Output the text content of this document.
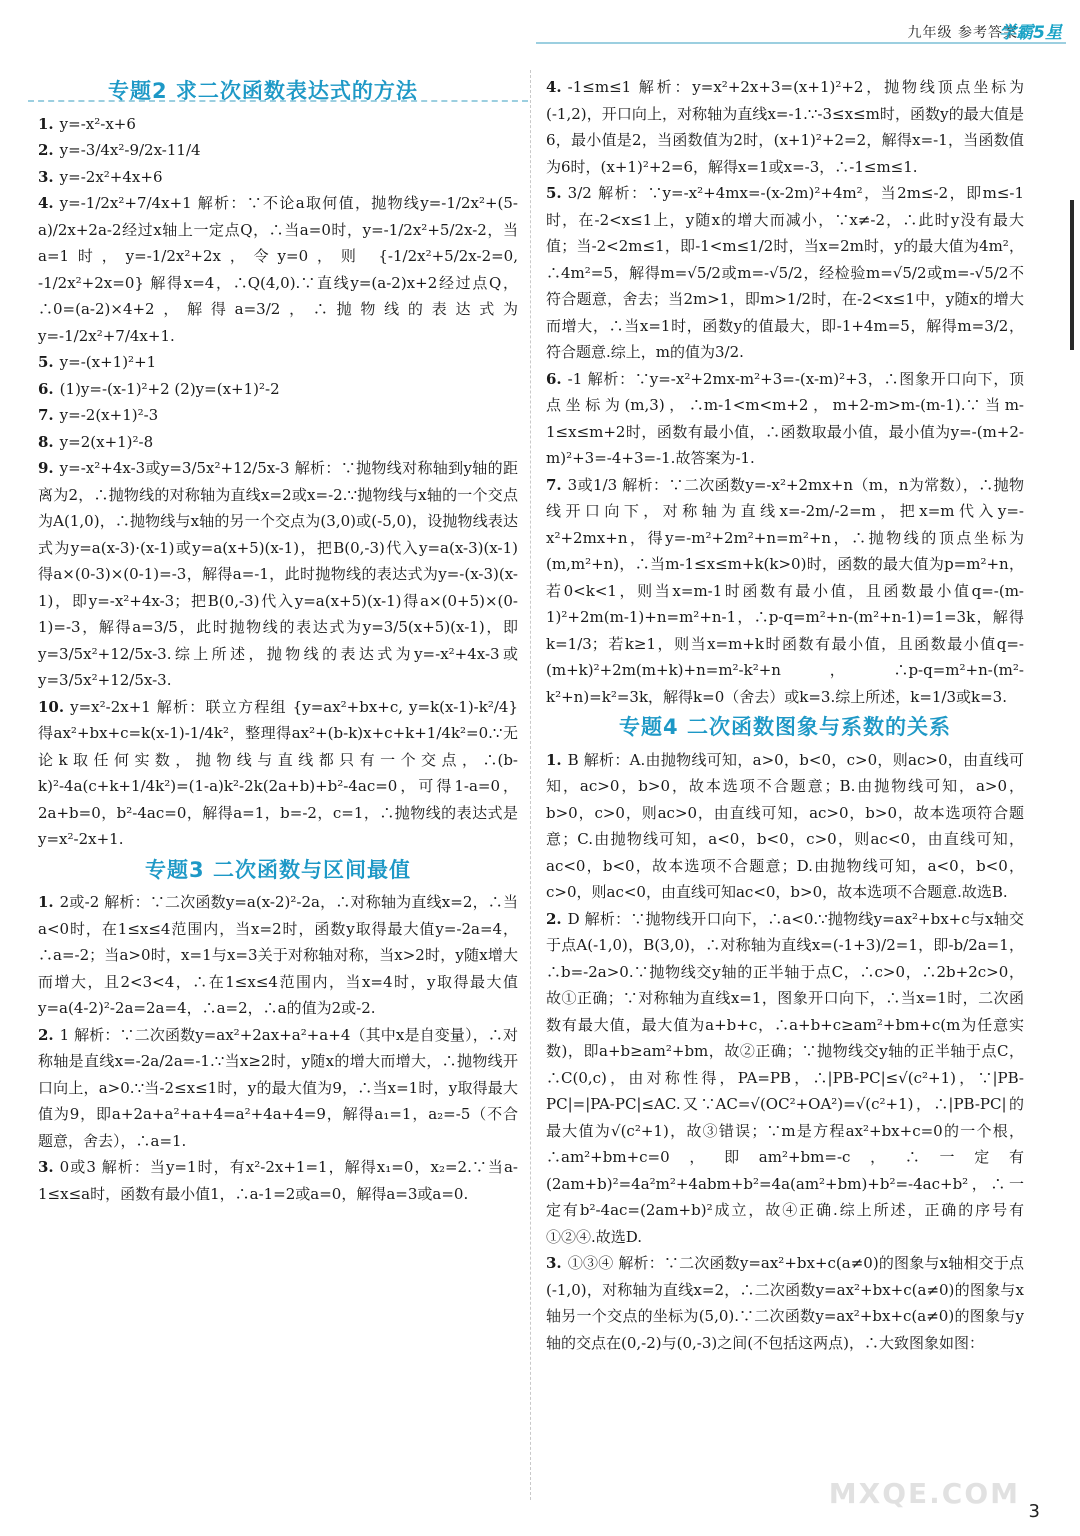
九年级 参考答案
学霸5星
专题2 求二次函数表达式的方法

1. y=-x²-x+6

2. y=-3/4x²-9/2x-11/4

3. y=-2x²+4x+6

4. y=-1/2x²+7/4x+1 解析：∵不论a取何值，抛物线y=-1/2x²+(5-a)/2x+2a-2经过x轴上一定点Q，∴当a=0时，y=-1/2x²+5/2x-2，当a=1时，y=-1/2x²+2x，令y=0，则 {-1/2x²+5/2x-2=0, -1/2x²+2x=0} 解得x=4，∴Q(4,0).∵直线y=(a-2)x+2经过点Q，∴0=(a-2)×4+2，解得a=3/2，∴抛物线的表达式为y=-1/2x²+7/4x+1.

5. y=-(x+1)²+1

6. (1)y=-(x-1)²+2 (2)y=(x+1)²-2

7. y=-2(x+1)²-3

8. y=2(x+1)²-8

9. y=-x²+4x-3或y=3/5x²+12/5x-3 解析：∵抛物线对称轴到y轴的距离为2，∴抛物线的对称轴为直线x=2或x=-2.∵抛物线与x轴的一个交点为A(1,0)，∴抛物线与x轴的另一个交点为(3,0)或(-5,0)，设抛物线表达式为y=a(x-3)·(x-1)或y=a(x+5)(x-1)，把B(0,-3)代入y=a(x-3)(x-1)得a×(0-3)×(0-1)=-3，解得a=-1，此时抛物线的表达式为y=-(x-3)(x-1)，即y=-x²+4x-3；把B(0,-3)代入y=a(x+5)(x-1)得a×(0+5)×(0-1)=-3，解得a=3/5，此时抛物线的表达式为y=3/5(x+5)(x-1)，即y=3/5x²+12/5x-3.综上所述，抛物线的表达式为y=-x²+4x-3或y=3/5x²+12/5x-3.

10. y=x²-2x+1 解析：联立方程组 {y=ax²+bx+c, y=k(x-1)-k²/4} 得ax²+bx+c=k(x-1)-1/4k²，整理得ax²+(b-k)x+c+k+1/4k²=0.∵无论k取任何实数，抛物线与直线都只有一个交点，∴(b-k)²-4a(c+k+1/4k²)=(1-a)k²-2k(2a+b)+b²-4ac=0，可得1-a=0，2a+b=0，b²-4ac=0，解得a=1，b=-2，c=1，∴抛物线的表达式是y=x²-2x+1.

专题3 二次函数与区间最值

1. 2或-2 解析：∵二次函数y=a(x-2)²-2a，∴对称轴为直线x=2，∴当a<0时，在1≤x≤4范围内，当x=2时，函数y取得最大值y=-2a=4，∴a=-2；当a>0时，x=1与x=3关于对称轴对称，当x>2时，y随x增大而增大，且2<3<4，∴在1≤x≤4范围内，当x=4时，y取得最大值y=a(4-2)²-2a=2a=4，∴a=2，∴a的值为2或-2.

2. 1 解析：∵二次函数y=ax²+2ax+a²+a+4（其中x是自变量），∴对称轴是直线x=-2a/2a=-1.∵当x≥2时，y随x的增大而增大，∴抛物线开口向上，a>0.∵当-2≤x≤1时，y的最大值为9，∴当x=1时，y取得最大值为9，即a+2a+a²+a+4=a²+4a+4=9，解得a₁=1，a₂=-5（不合题意，舍去），∴a=1.

3. 0或3 解析：当y=1时，有x²-2x+1=1，解得x₁=0，x₂=2.∵当a-1≤x≤a时，函数有最小值1，∴a-1=2或a=0，解得a=3或a=0.

4. -1≤m≤1 解析：y=x²+2x+3=(x+1)²+2，抛物线顶点坐标为(-1,2)，开口向上，对称轴为直线x=-1.∵-3≤x≤m时，函数y的最大值是6，最小值是2，当函数值为2时，(x+1)²+2=2，解得x=-1，当函数值为6时，(x+1)²+2=6，解得x=1或x=-3，∴-1≤m≤1.

5. 3/2 解析：∵y=-x²+4mx=-(x-2m)²+4m²，当2m≤-2，即m≤-1时，在-2<x≤1上，y随x的增大而减小，∵x≠-2，∴此时y没有最大值；当-2<2m≤1，即-1<m≤1/2时，当x=2m时，y的最大值为4m²，∴4m²=5，解得m=√5/2或m=-√5/2，经检验m=√5/2或m=-√5/2不符合题意，舍去；当2m>1，即m>1/2时，在-2<x≤1中，y随x的增大而增大，∴当x=1时，函数y的值最大，即-1+4m=5，解得m=3/2，符合题意.综上，m的值为3/2.

6. -1 解析：∵y=-x²+2mx-m²+3=-(x-m)²+3，∴图象开口向下，顶点坐标为(m,3)，∴m-1<m<m+2，m+2-m>m-(m-1).∵当m-1≤x≤m+2时，函数有最小值，∴函数取最小值，最小值为y=-(m+2-m)²+3=-4+3=-1.故答案为-1.

7. 3或1/3 解析：∵二次函数y=-x²+2mx+n（m，n为常数），∴抛物线开口向下，对称轴为直线x=-2m/-2=m，把x=m代入y=-x²+2mx+n，得y=-m²+2m²+n=m²+n，∴抛物线的顶点坐标为(m,m²+n)，∴当m-1≤x≤m+k(k>0)时，函数的最大值为p=m²+n，若0<k<1，则当x=m-1时函数有最小值，且函数最小值q=-(m-1)²+2m(m-1)+n=m²+n-1，∴p-q=m²+n-(m²+n-1)=1=3k，解得k=1/3；若k≥1，则当x=m+k时函数有最小值，且函数最小值q=-(m+k)²+2m(m+k)+n=m²-k²+n，∴p-q=m²+n-(m²-k²+n)=k²=3k，解得k=0（舍去）或k=3.综上所述，k=1/3或k=3.

专题4 二次函数图象与系数的关系

1. B 解析：A.由抛物线可知，a>0，b<0，c>0，则ac>0，由直线可知，ac>0，b>0，故本选项不合题意；B.由抛物线可知，a>0，b>0，c>0，则ac>0，由直线可知，ac>0，b>0，故本选项符合题意；C.由抛物线可知，a<0，b<0，c>0，则ac<0，由直线可知，ac<0，b<0，故本选项不合题意；D.由抛物线可知，a<0，b<0，c>0，则ac<0，由直线可知ac<0，b>0，故本选项不合题意.故选B.

2. D 解析：∵抛物线开口向下，∴a<0.∵抛物线y=ax²+bx+c与x轴交于点A(-1,0)，B(3,0)，∴对称轴为直线x=(-1+3)/2=1，即-b/2a=1，∴b=-2a>0.∵抛物线交y轴的正半轴于点C，∴c>0，∴2b+2c>0，故①正确；∵对称轴为直线x=1，图象开口向下，∴当x=1时，二次函数有最大值，最大值为a+b+c，∴a+b+c≥am²+bm+c(m为任意实数)，即a+b≥am²+bm，故②正确；∵抛物线交y轴的正半轴于点C，∴C(0,c)，由对称性得，PA=PB，∴|PB-PC|≤√(c²+1)，∵|PB-PC|=|PA-PC|≤AC.又∵AC=√(OC²+OA²)=√(c²+1)，∴|PB-PC|的最大值为√(c²+1)，故③错误；∵m是方程ax²+bx+c=0的一个根，∴am²+bm+c=0，即am²+bm=-c，∴一定有(2am+b)²=4a²m²+4abm+b²=4a(am²+bm)+b²=-4ac+b²，∴一定有b²-4ac=(2am+b)²成立，故④正确.综上所述，正确的序号有①②④.故选D.

3. ①③④ 解析：∵二次函数y=ax²+bx+c(a≠0)的图象与x轴相交于点(-1,0)，对称轴为直线x=2，∴二次函数y=ax²+bx+c(a≠0)的图象与x轴另一个交点的坐标为(5,0).∵二次函数y=ax²+bx+c(a≠0)的图象与y轴的交点在(0,-2)与(0,-3)之间(不包括这两点)，∴大致图象如图：

MXQE.COM
3
